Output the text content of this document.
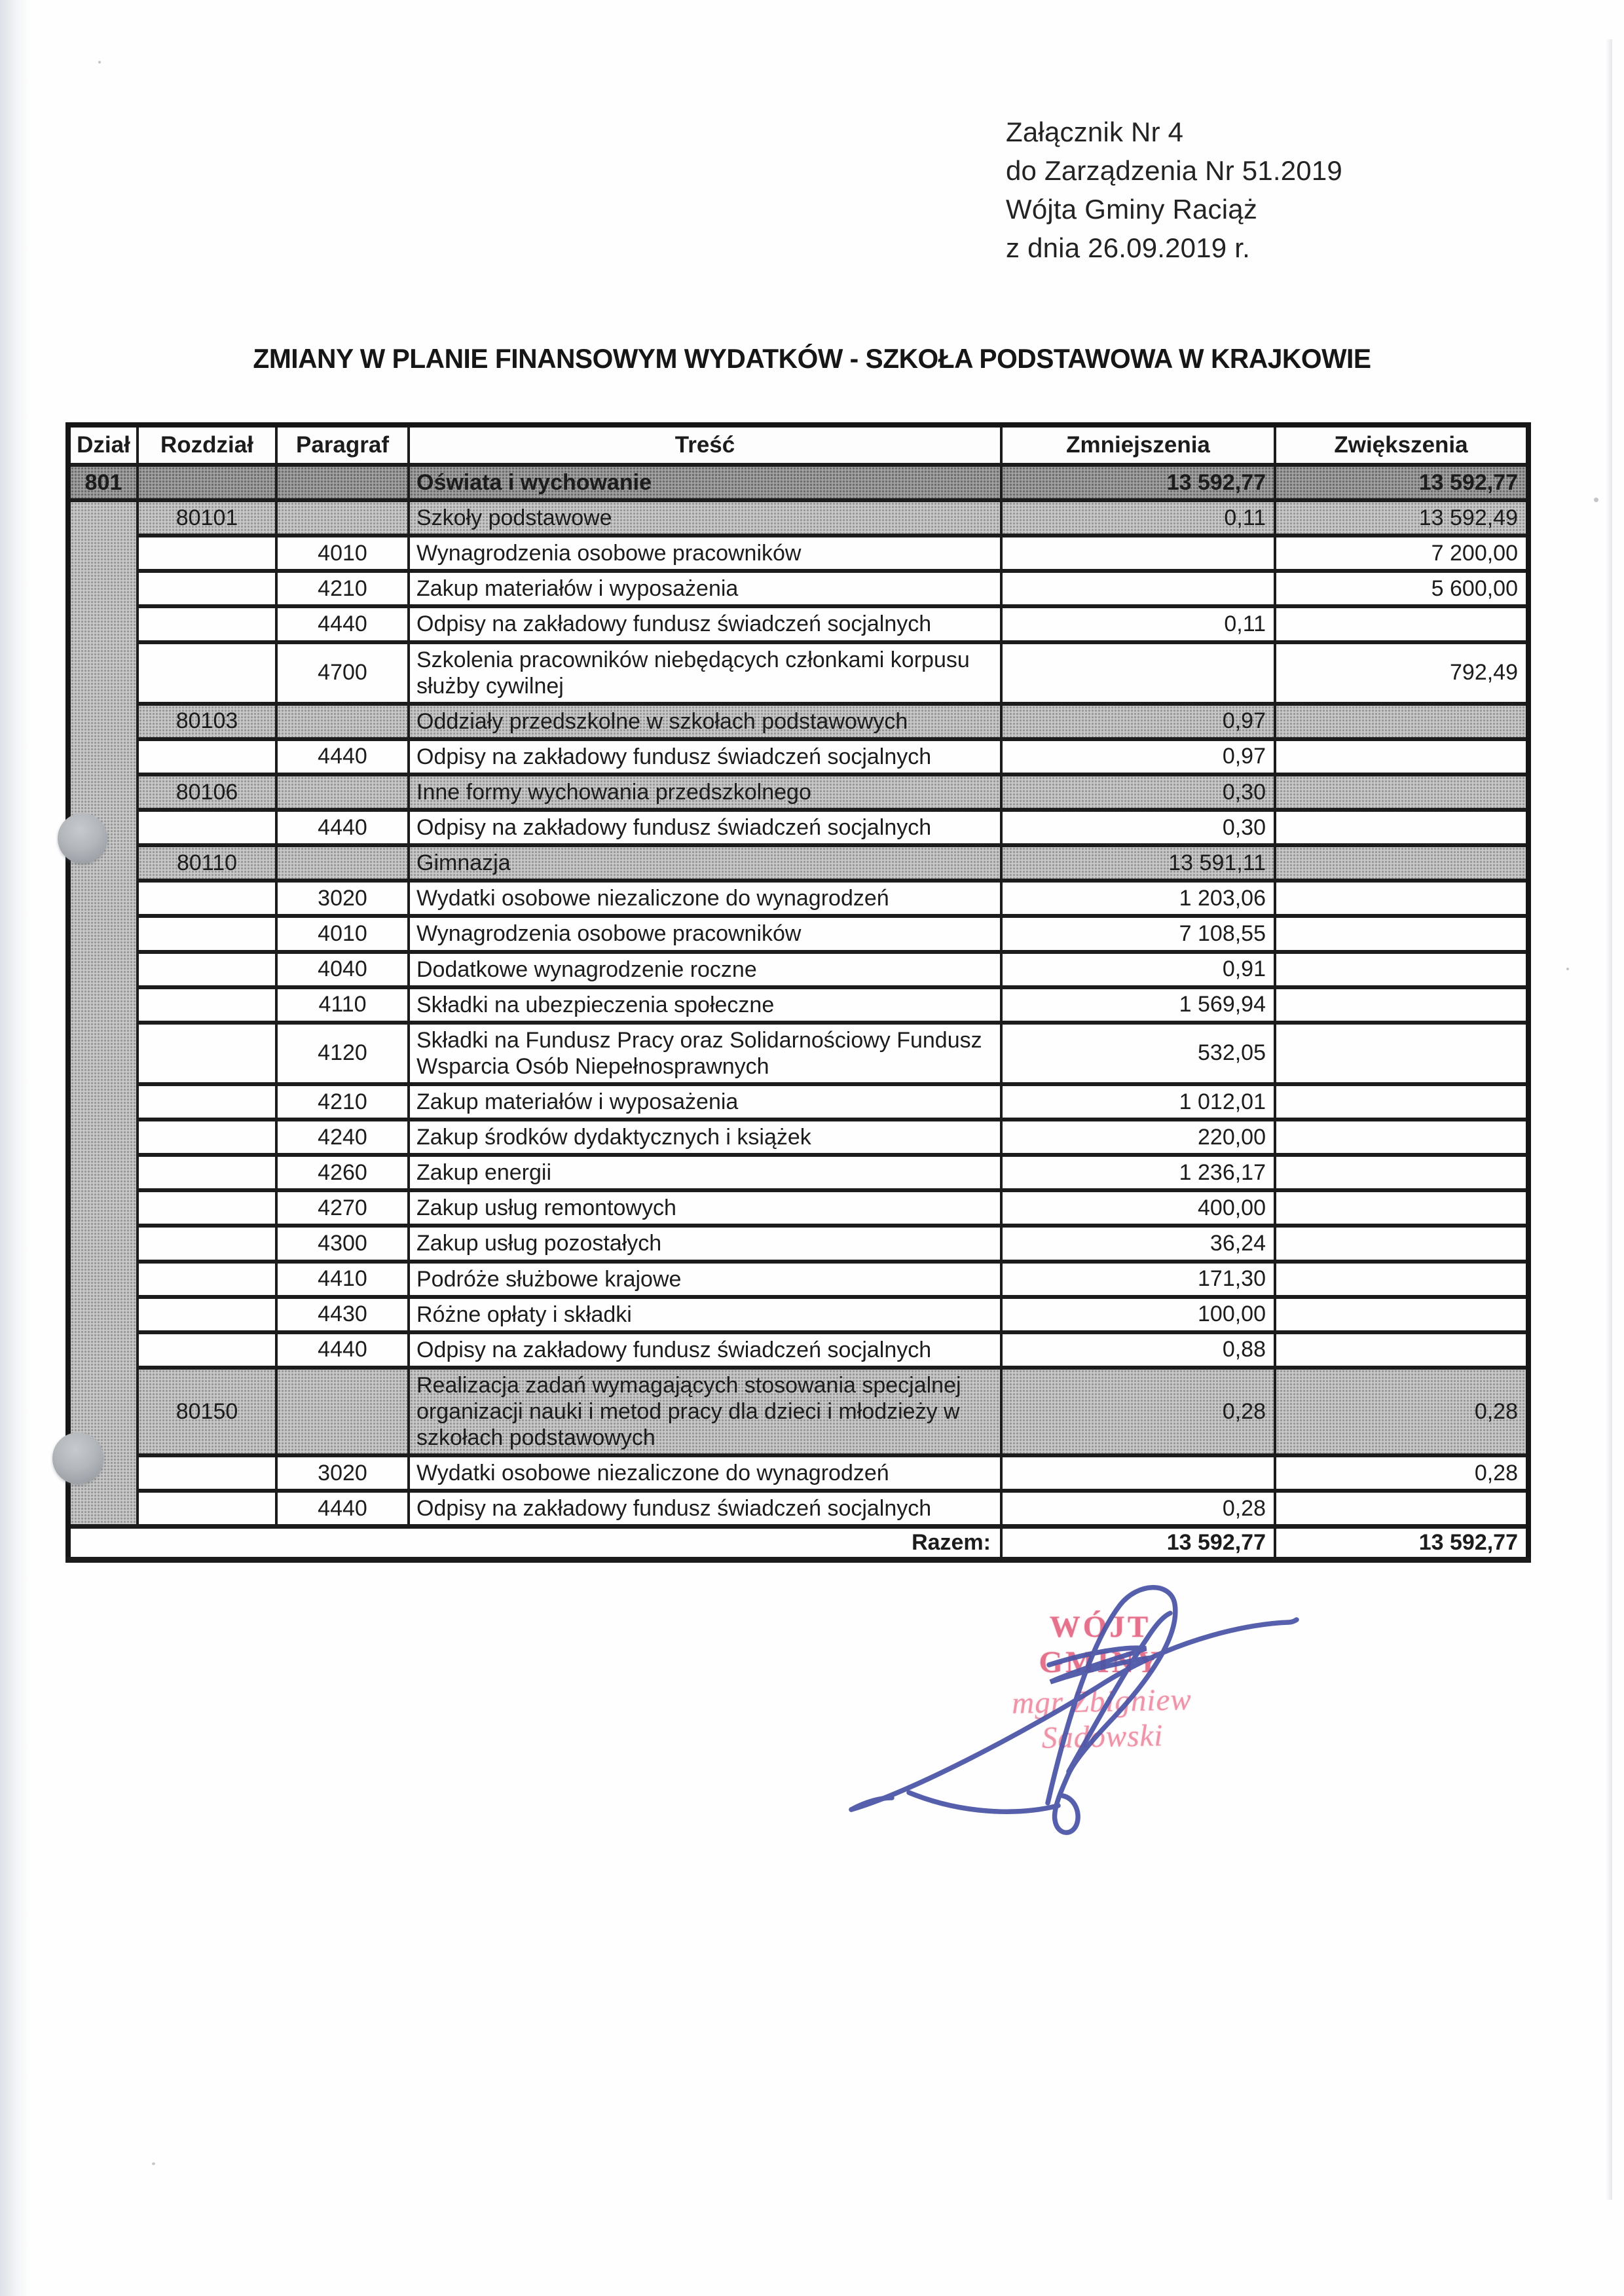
Załącznik Nr 4
do Zarządzenia Nr 51.2019
Wójta Gminy Raciąż
z dnia 26.09.2019 r.
ZMIANY W PLANIE FINANSOWYM WYDATKÓW - SZKOŁA PODSTAWOWA W KRAJKOWIE
Dział	Rozdział	Paragraf	Treść	Zmniejszenia	Zwiększenia
801			Oświata i wychowanie	13 592,77	13 592,77
	80101		Szkoły podstawowe	0,11	13 592,49
		4010	Wynagrodzenia osobowe pracowników		7 200,00
		4210	Zakup materiałów i wyposażenia		5 600,00
		4440	Odpisy na zakładowy fundusz świadczeń socjalnych	0,11	
		4700	Szkolenia pracowników niebędących członkami korpusu służby cywilnej		792,49
	80103		Oddziały przedszkolne w szkołach podstawowych	0,97	
		4440	Odpisy na zakładowy fundusz świadczeń socjalnych	0,97	
	80106		Inne formy wychowania przedszkolnego	0,30	
		4440	Odpisy na zakładowy fundusz świadczeń socjalnych	0,30	
	80110		Gimnazja	13 591,11	
		3020	Wydatki osobowe niezaliczone do wynagrodzeń	1 203,06	
		4010	Wynagrodzenia osobowe pracowników	7 108,55	
		4040	Dodatkowe wynagrodzenie roczne	0,91	
		4110	Składki na ubezpieczenia społeczne	1 569,94	
		4120	Składki na Fundusz Pracy oraz Solidarnościowy Fundusz Wsparcia Osób Niepełnosprawnych	532,05	
		4210	Zakup materiałów i wyposażenia	1 012,01	
		4240	Zakup środków dydaktycznych i książek	220,00	
		4260	Zakup energii	1 236,17	
		4270	Zakup usług remontowych	400,00	
		4300	Zakup usług pozostałych	36,24	
		4410	Podróże służbowe krajowe	171,30	
		4430	Różne opłaty i składki	100,00	
		4440	Odpisy na zakładowy fundusz świadczeń socjalnych	0,88	
	80150		Realizacja zadań wymagających stosowania specjalnej organizacji nauki i metod pracy dla dzieci i młodzieży w szkołach podstawowych	0,28	0,28
		3020	Wydatki osobowe niezaliczone do wynagrodzeń		0,28
		4440	Odpisy na zakładowy fundusz świadczeń socjalnych	0,28	
Razem:				13 592,77	13 592,77
WÓJT GMINY
mgr Zbigniew Sadowski
